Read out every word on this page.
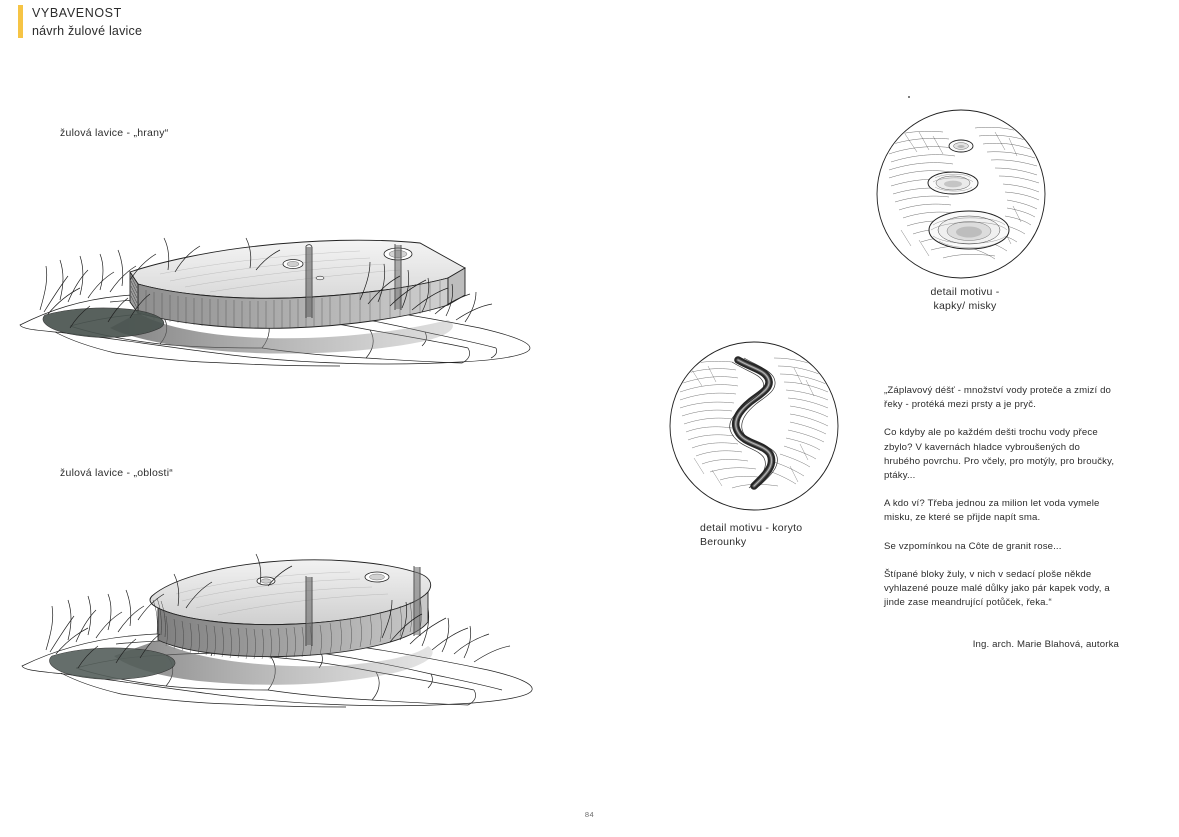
VYBAVENOST
návrh žulové lavice
žulová lavice - „hrany“
žulová lavice - „oblosti“
detail motivu -
kapky/ misky
detail motivu - koryto
Berounky

„Záplavový déšť - množství vody proteče a zmizí do řeky - protéká mezi prsty a je pryč.

Co kdyby ale po každém dešti trochu vody přece zbylo? V kavernách hladce vybroušených do hrubého povrchu. Pro včely, pro motýly, pro broučky, ptáky...

A kdo ví? Třeba jednou za milion let voda vymele misku, ze které se přijde napít sma.

Se vzpomínkou na Côte de granit rose...

Štípané bloky žuly, v nich v sedací ploše někde vyhlazené pouze malé důlky jako pár kapek vody, a jinde zase meandrující potůček, řeka.“

Ing. arch. Marie Blahová, autorka
84
